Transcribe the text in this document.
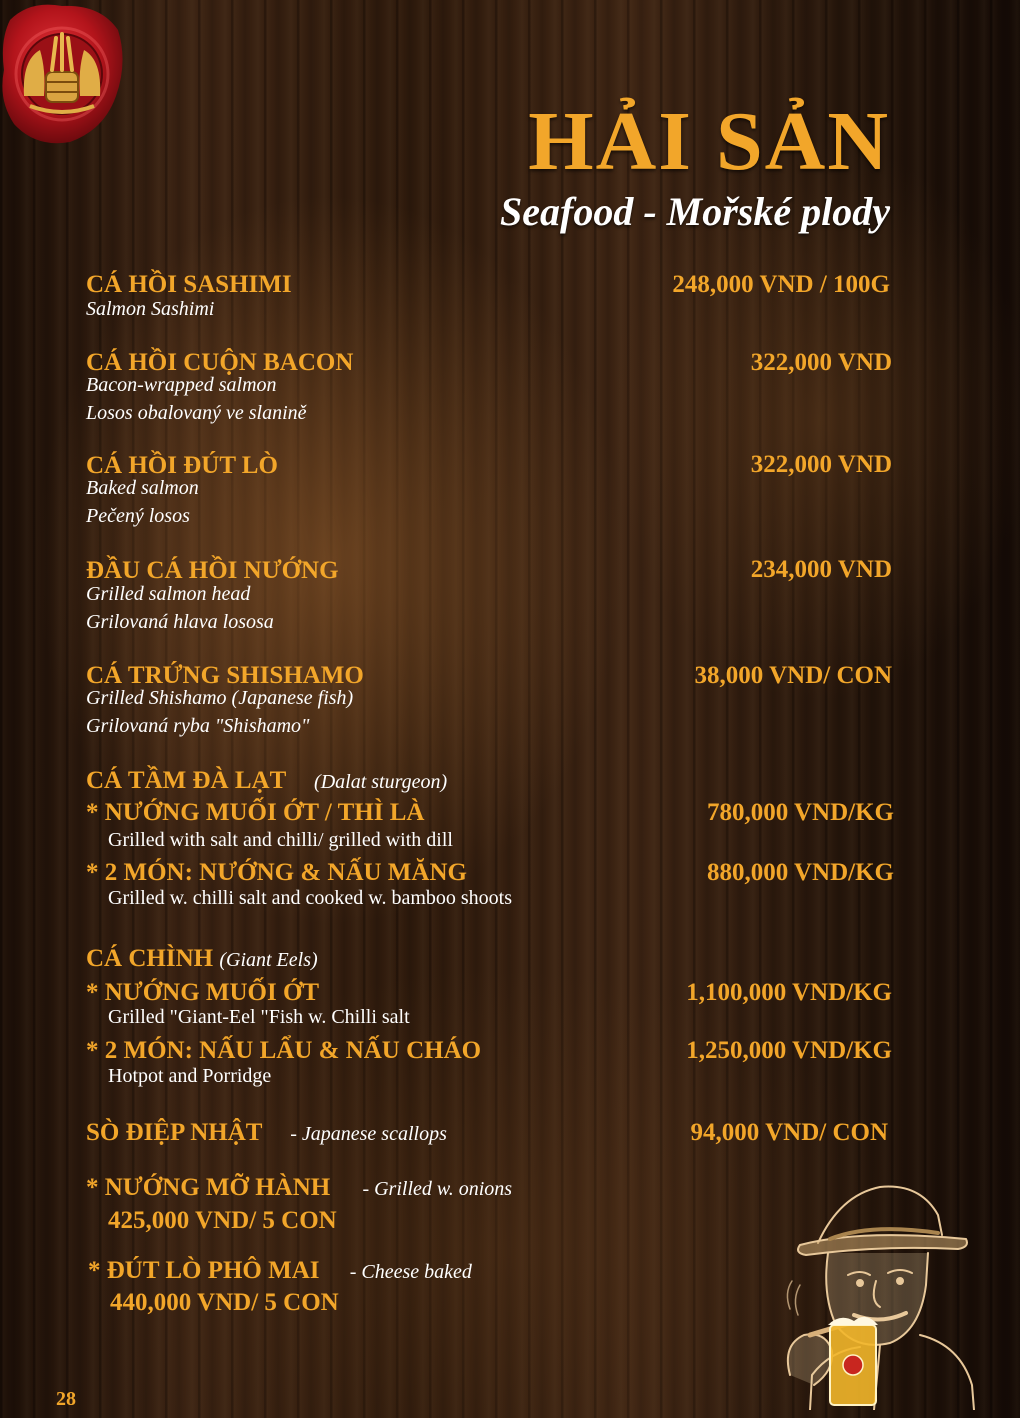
HẢI SẢN
Seafood - Mořské plody
CÁ HỒI SASHIMI	248,000 VND / 100G
Salmon Sashimi
CÁ HỒI CUỘN BACON	322,000 VND
Bacon-wrapped salmon
Losos obalovaný ve slanině
CÁ HỒI ĐÚT LÒ	322,000 VND
Baked salmon
Pečený losos
ĐẦU CÁ HỒI NƯỚNG	234,000 VND
Grilled salmon head
Grilovaná hlava lososa
CÁ TRỨNG SHISHAMO	38,000 VND/ CON
Grilled Shishamo (Japanese fish)
Grilovaná ryba "Shishamo"
CÁ TẦM ĐÀ LẠT (Dalat sturgeon)
* NƯỚNG MUỐI ỚT / THÌ LÀ	780,000 VND/KG
Grilled with salt and chilli/ grilled with dill
* 2 MÓN: NƯỚNG & NẤU MĂNG	880,000 VND/KG
Grilled w. chilli salt and cooked w. bamboo shoots
CÁ CHÌNH (Giant Eels)
* NƯỚNG MUỐI ỚT	1,100,000 VND/KG
Grilled "Giant-Eel "Fish w. Chilli salt
* 2 MÓN: NẤU LẨU & NẤU CHÁO	1,250,000 VND/KG
Hotpot and Porridge
SÒ ĐIỆP NHẬT - Japanese scallops	94,000 VND/ CON
* NƯỚNG MỠ HÀNH - Grilled w. onions
425,000 VND/ 5 CON
* ĐÚT LÒ PHÔ MAI - Cheese baked
440,000 VND/ 5 CON
28
